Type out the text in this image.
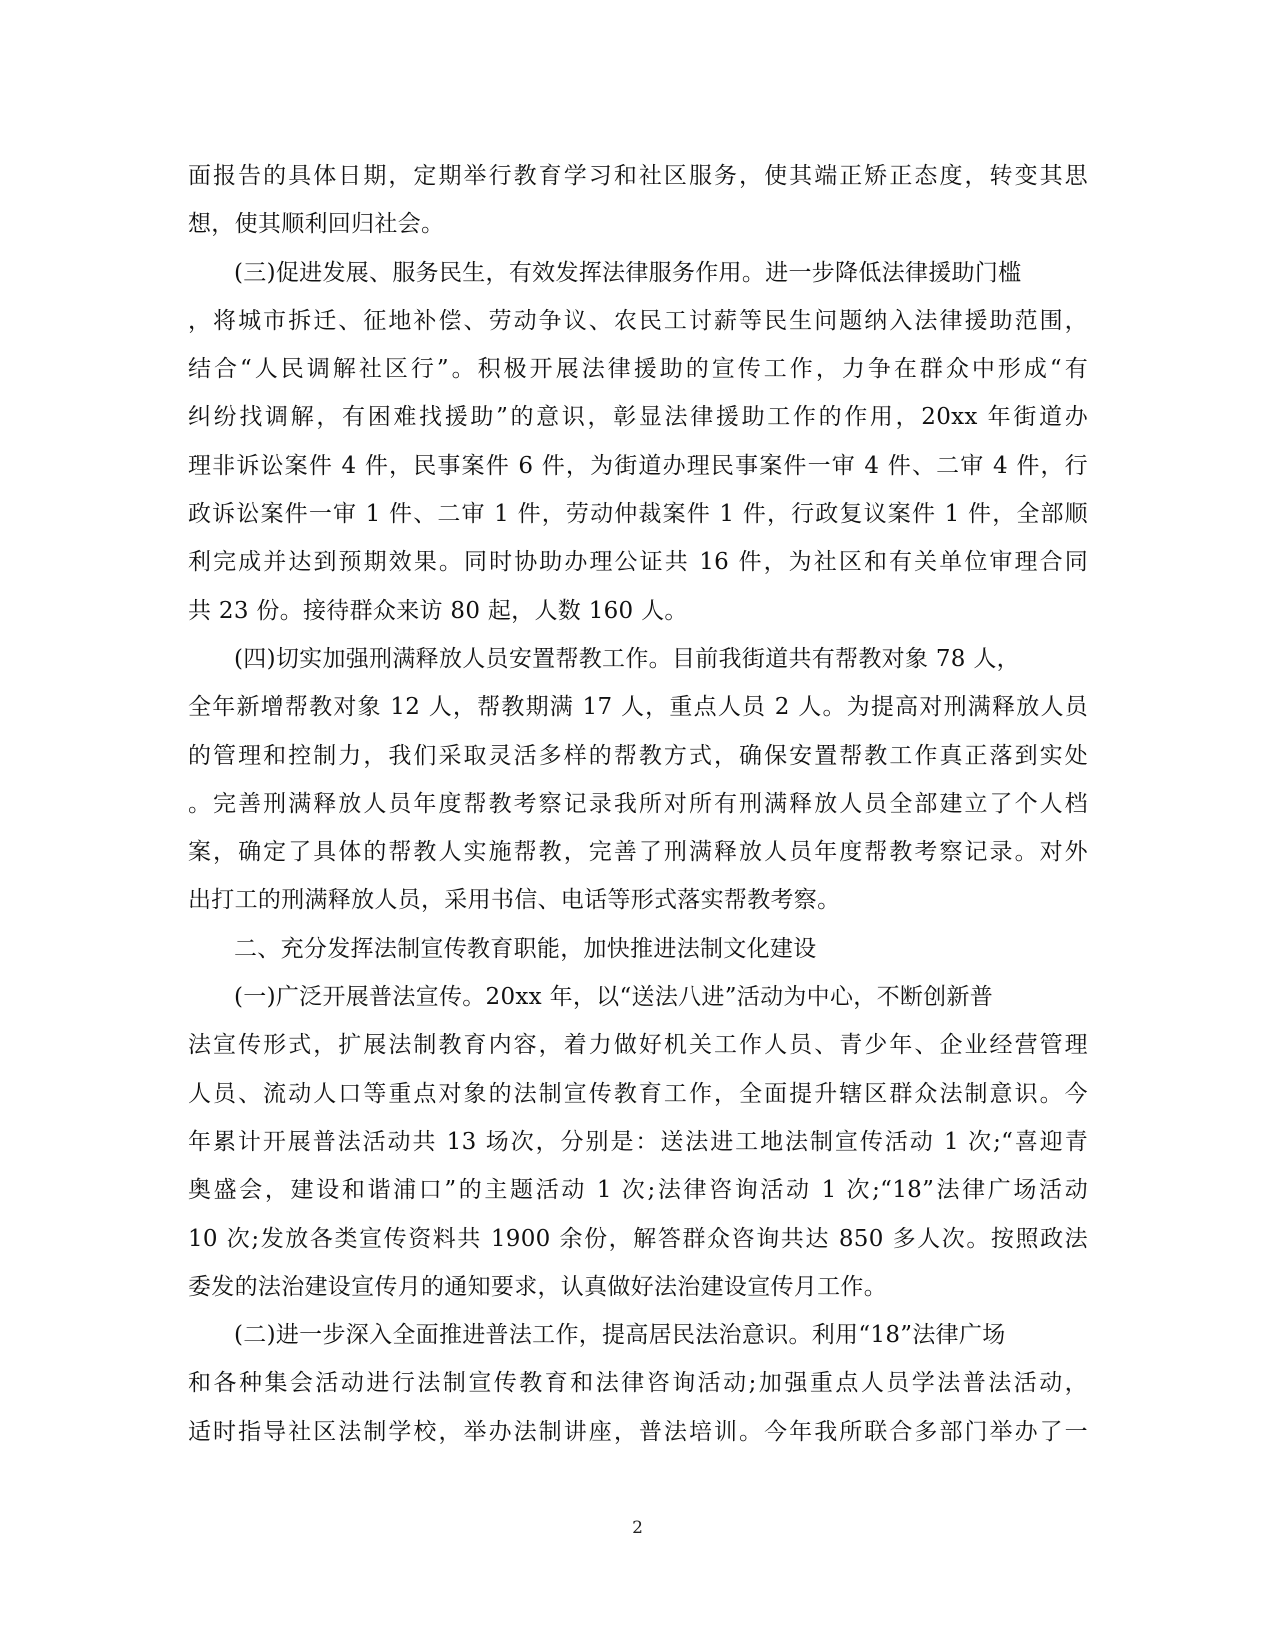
面报告的具体日期，定期举行教育学习和社区服务，使其端正矫正态度，转变其思
想，使其顺利回归社会。
(三)促进发展、服务民生，有效发挥法律服务作用。进一步降低法律援助门槛
，将城市拆迁、征地补偿、劳动争议、农民工讨薪等民生问题纳入法律援助范围，
结合“人民调解社区行”。积极开展法律援助的宣传工作，力争在群众中形成“有
纠纷找调解，有困难找援助”的意识，彰显法律援助工作的作用，20xx 年街道办
理非诉讼案件 4 件，民事案件 6 件，为街道办理民事案件一审 4 件、二审 4 件，行
政诉讼案件一审 1 件、二审 1 件，劳动仲裁案件 1 件，行政复议案件 1 件，全部顺
利完成并达到预期效果。同时协助办理公证共 16 件，为社区和有关单位审理合同
共 23 份。接待群众来访 80 起，人数 160 人。
(四)切实加强刑满释放人员安置帮教工作。目前我街道共有帮教对象 78 人，
全年新增帮教对象 12 人，帮教期满 17 人，重点人员 2 人。为提高对刑满释放人员
的管理和控制力，我们采取灵活多样的帮教方式，确保安置帮教工作真正落到实处
。完善刑满释放人员年度帮教考察记录我所对所有刑满释放人员全部建立了个人档
案，确定了具体的帮教人实施帮教，完善了刑满释放人员年度帮教考察记录。对外
出打工的刑满释放人员，采用书信、电话等形式落实帮教考察。
二、充分发挥法制宣传教育职能，加快推进法制文化建设
(一)广泛开展普法宣传。20xx 年，以“送法八进”活动为中心，不断创新普
法宣传形式，扩展法制教育内容，着力做好机关工作人员、青少年、企业经营管理
人员、流动人口等重点对象的法制宣传教育工作，全面提升辖区群众法制意识。今
年累计开展普法活动共 13 场次，分别是：送法进工地法制宣传活动 1 次;“喜迎青
奥盛会，建设和谐浦口”的主题活动 1 次;法律咨询活动 1 次;“18”法律广场活动
10 次;发放各类宣传资料共 1900 余份，解答群众咨询共达 850 多人次。按照政法
委发的法治建设宣传月的通知要求，认真做好法治建设宣传月工作。
(二)进一步深入全面推进普法工作，提高居民法治意识。利用“18”法律广场
和各种集会活动进行法制宣传教育和法律咨询活动;加强重点人员学法普法活动，
适时指导社区法制学校，举办法制讲座，普法培训。今年我所联合多部门举办了一
2
